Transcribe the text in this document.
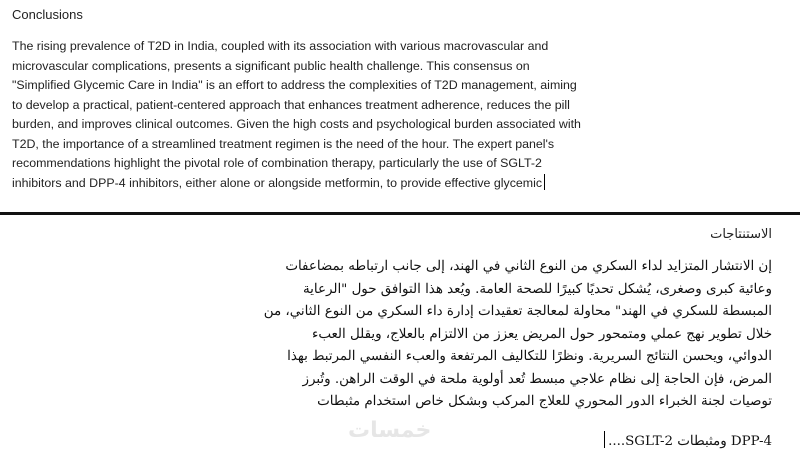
Conclusions

The rising prevalence of T2D in India, coupled with its association with various macrovascular and
microvascular complications, presents a significant public health challenge. This consensus on
"Simplified Glycemic Care in India" is an effort to address the complexities of T2D management, aiming
to develop a practical, patient-centered approach that enhances treatment adherence, reduces the pill
burden, and improves clinical outcomes. Given the high costs and psychological burden associated with
T2D, the importance of a streamlined treatment regimen is the need of the hour. The expert panel's
recommendations highlight the pivotal role of combination therapy, particularly the use of SGLT-2
inhibitors and DPP-4 inhibitors, either alone or alongside metformin, to provide effective glycemic

الاستنتاجات

إن الانتشار المتزايد لداء السكري من النوع الثاني في الهند، إلى جانب ارتباطه بمضاعفات
وعائية كبرى وصغرى، يُشكل تحديًا كبيرًا للصحة العامة. ويُعد هذا التوافق حول "الرعاية
المبسطة للسكري في الهند" محاولة لمعالجة تعقيدات إدارة داء السكري من النوع الثاني، من
خلال تطوير نهج عملي ومتمحور حول المريض يعزز من الالتزام بالعلاج، ويقلل العبء
الدوائي، ويحسن النتائج السريرية. ونظرًا للتكاليف المرتفعة والعبء النفسي المرتبط بهذا
المرض، فإن الحاجة إلى نظام علاجي مبسط تُعد أولوية ملحة في الوقت الراهن. وتُبرز
توصيات لجنة الخبراء الدور المحوري للعلاج المركب وبشكل خاص استخدام مثبطات

DPP-4 ومثبطات SGLT-2....
خمسات
